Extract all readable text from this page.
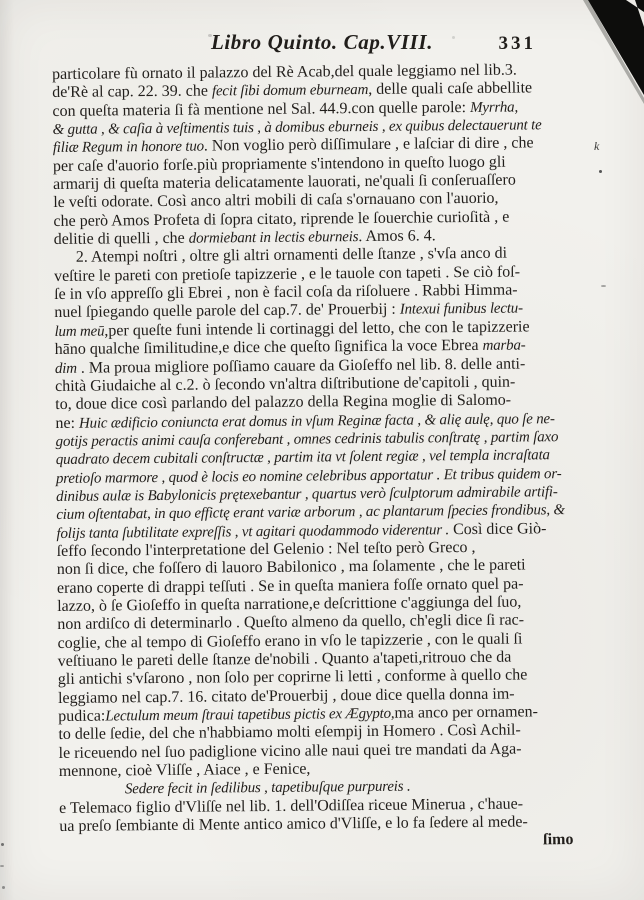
Libro Quinto. Cap.VIII.	331
particolare fù ornato il palazzo del Rè Acab,del quale leggiamo nel lib.3.
de'Rè al cap. 22. 39. che fecit ſibi domum eburneam, delle quali caſe abbellite
con queſta materia ſi fà mentione nel Sal. 44.9.con quelle parole: Myrrha,
& gutta , & caſia à veſtimentis tuis , à domibus eburneis , ex quibus delectauerunt te
filiæ Regum in honore tuo. Non voglio però diſſimulare , e laſciar di dire , che
per caſe d'auorio forſe.più propriamente s'intendono in queſto luogo gli
armarij di queſta materia delicatamente lauorati, ne'quali ſi conſeruaſſero
le veſti odorate. Così anco altri mobili di caſa s'ornauano con l'auorio,
che però Amos Profeta di ſopra citato, riprende le ſouerchie curioſità , e
delitie di quelli , che dormiebant in lectis eburneis. Amos 6. 4.
2. Atempi noſtri , oltre gli altri ornamenti delle ſtanze , s'vſa anco di
veſtire le pareti con pretioſe tapizzerie , e le tauole con tapeti . Se ciò foſ-
ſe in vſo appreſſo gli Ebrei , non è facil coſa da riſoluere . Rabbi Himma-
nuel ſpiegando quelle parole del cap.7. de' Prouerbij : Intexui funibus lectu-
lum meū,per queſte funi intende li cortinaggi del letto, che con le tapizzerie
hāno qualche ſimilitudine,e dice che queſto ſignifica la voce Ebrea marba-
dim . Ma proua migliore poſſiamo cauare da Gioſeffo nel lib. 8. delle anti-
chità Giudaiche al c.2. ò ſecondo vn'altra diſtributione de'capitoli , quin-
to, doue dice così parlando del palazzo della Regina moglie di Salomo-
ne: Huic ædificio coniuncta erat domus in vſum Reginæ facta , & alię aulę, quo ſe ne-
gotijs peractis animi cauſa conferebant , omnes cedrinis tabulis conſtratę , partim ſaxo
quadrato decem cubitali conſtructæ , partim ita vt ſolent regiæ , vel templa incraſtata
pretioſo marmore , quod è locis eo nomine celebribus apportatur . Et tribus quidem or-
dinibus aulæ is Babylonicis prętexebantur , quartus verò ſculptorum admirabile artifi-
cium oſtentabat, in quo effictę erant variæ arborum , ac plantarum ſpecies frondibus, &
folijs tanta ſubtilitate expreſſis , vt agitari quodammodo viderentur . Così dice Giò-
ſeffo ſecondo l'interpretatione del Gelenio : Nel teſto però Greco ,
non ſi dice, che foſſero di lauoro Babilonico , ma ſolamente , che le pareti
erano coperte di drappi teſſuti . Se in queſta maniera foſſe ornato quel pa-
lazzo, ò ſe Gioſeffo in queſta narratione,e deſcrittione c'aggiunga del ſuo,
non ardiſco di determinarlo . Queſto almeno da quello, ch'egli dice ſi rac-
coglie, che al tempo di Gioſeffo erano in vſo le tapizzerie , con le quali ſi
veſtiuano le pareti delle ſtanze de'nobili . Quanto a'tapeti,ritrouo che da
gli antichi s'vſarono , non ſolo per coprirne li letti , conforme à quello che
leggiamo nel cap.7. 16. citato de'Prouerbij , doue dice quella donna im-
pudica:Lectulum meum ſtraui tapetibus pictis ex Ægypto,ma anco per ornamen-
to delle ſedie, del che n'habbiamo molti eſempij in Homero . Così Achil-
le riceuendo nel ſuo padiglione vicino alle naui quei tre mandati da Aga-
mennone, cioè Vliſſe , Aiace , e Fenice,
Sedere fecit in ſedilibus , tapetibuſque purpureis .
e Telemaco figlio d'Vliſſe nel lib. 1. dell'Odiſſea riceue Minerua , c'haue-
ua preſo ſembiante di Mente antico amico d'Vliſſe, e lo fa ſedere al mede-
ſimo
k
